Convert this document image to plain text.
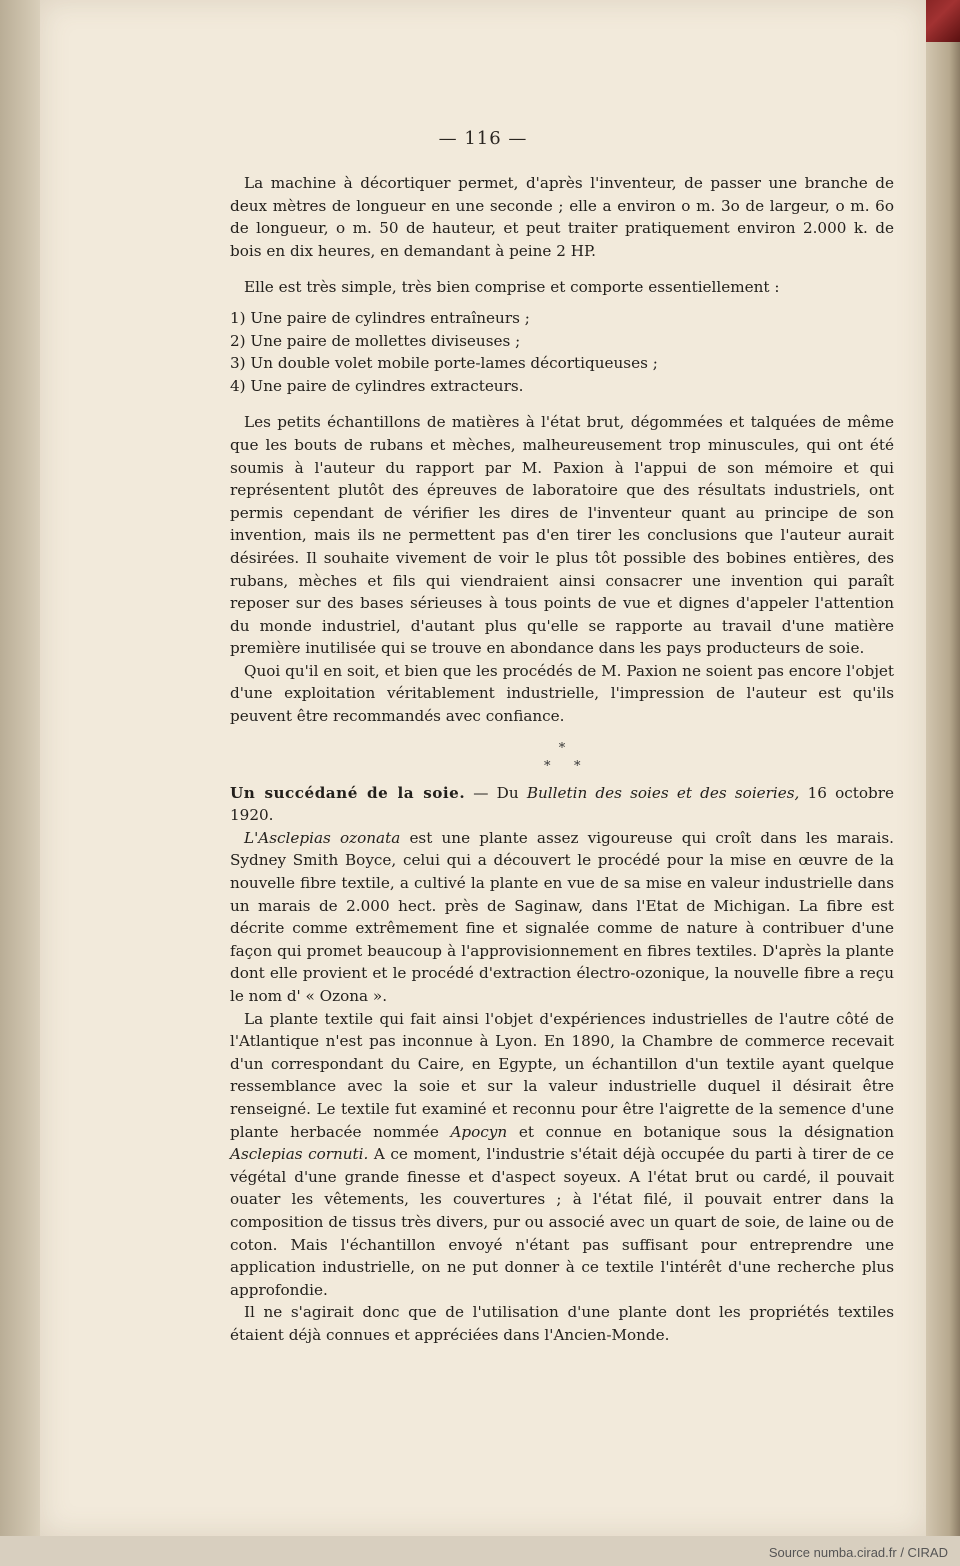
— 116 —

La machine à décortiquer permet, d'après l'inventeur, de passer une branche de deux mètres de longueur en une seconde ; elle a environ o m. 3o de largeur, o m. 6o de longueur, o m. 50 de hauteur, et peut traiter pratiquement environ 2.000 k. de bois en dix heures, en demandant à peine 2 HP.

Elle est très simple, très bien comprise et comporte essentiellement :

1) Une paire de cylindres entraîneurs ;
2) Une paire de mollettes diviseuses ;
3) Un double volet mobile porte-lames décortiqueuses ;
4) Une paire de cylindres extracteurs.

Les petits échantillons de matières à l'état brut, dégommées et talquées de même que les bouts de rubans et mèches, malheureusement trop minuscules, qui ont été soumis à l'auteur du rapport par M. Paxion à l'appui de son mémoire et qui représentent plutôt des épreuves de laboratoire que des résultats industriels, ont permis cependant de vérifier les dires de l'inventeur quant au principe de son invention, mais ils ne permettent pas d'en tirer les conclusions que l'auteur aurait désirées. Il souhaite vivement de voir le plus tôt possible des bobines entières, des rubans, mèches et fils qui viendraient ainsi consacrer une invention qui paraît reposer sur des bases sérieuses à tous points de vue et dignes d'appeler l'attention du monde industriel, d'autant plus qu'elle se rapporte au travail d'une matière première inutilisée qui se trouve en abondance dans les pays producteurs de soie.

Quoi qu'il en soit, et bien que les procédés de M. Paxion ne soient pas encore l'objet d'une exploitation véritablement industrielle, l'impression de l'auteur est qu'ils peuvent être recommandés avec confiance.

*
* *

Un succédané de la soie. — Du Bulletin des soies et des soieries, 16 octobre 1920.

L'Asclepias ozonata est une plante assez vigoureuse qui croît dans les marais. Sydney Smith Boyce, celui qui a découvert le procédé pour la mise en œuvre de la nouvelle fibre textile, a cultivé la plante en vue de sa mise en valeur industrielle dans un marais de 2.000 hect. près de Saginaw, dans l'Etat de Michigan. La fibre est décrite comme extrêmement fine et signalée comme de nature à contribuer d'une façon qui promet beaucoup à l'approvisionnement en fibres textiles. D'après la plante dont elle provient et le procédé d'extraction électro-ozonique, la nouvelle fibre a reçu le nom d' « Ozona ».

La plante textile qui fait ainsi l'objet d'expériences industrielles de l'autre côté de l'Atlantique n'est pas inconnue à Lyon. En 1890, la Chambre de commerce recevait d'un correspondant du Caire, en Egypte, un échantillon d'un textile ayant quelque ressemblance avec la soie et sur la valeur industrielle duquel il désirait être renseigné. Le textile fut examiné et reconnu pour être l'aigrette de la semence d'une plante herbacée nommée Apocyn et connue en botanique sous la désignation Asclepias cornuti. A ce moment, l'industrie s'était déjà occupée du parti à tirer de ce végétal d'une grande finesse et d'aspect soyeux. A l'état brut ou cardé, il pouvait ouater les vêtements, les couvertures ; à l'état filé, il pouvait entrer dans la composition de tissus très divers, pur ou associé avec un quart de soie, de laine ou de coton. Mais l'échantillon envoyé n'étant pas suffisant pour entreprendre une application industrielle, on ne put donner à ce textile l'intérêt d'une recherche plus approfondie.

Il ne s'agirait donc que de l'utilisation d'une plante dont les propriétés textiles étaient déjà connues et appréciées dans l'Ancien-Monde.

Source numba.cirad.fr / CIRAD
